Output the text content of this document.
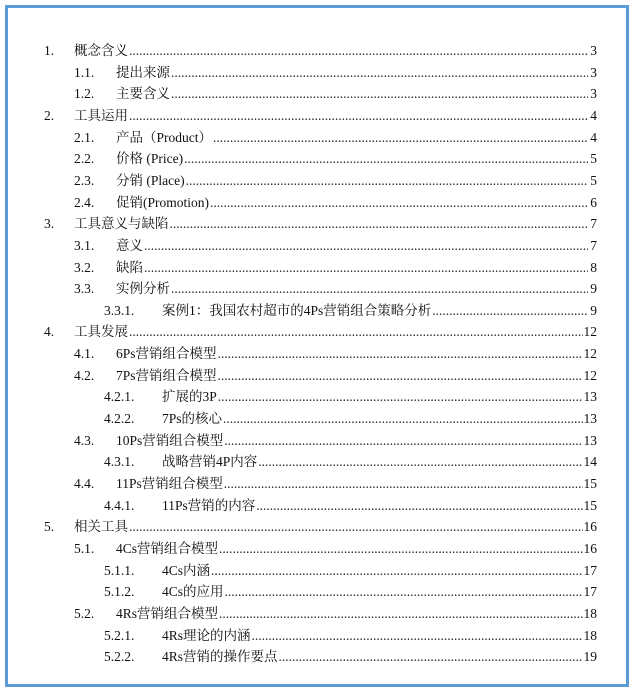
1.	概念含义 .....	3
1.1.	提出来源 .....	3
1.2.	主要含义 .....	3
2.	工具运用 .....	4
2.1.	产品（Product） .....	4
2.2.	价格 (Price) .....	5
2.3.	分销 (Place) .....	5
2.4.	促销(Promotion) .....	6
3.	工具意义与缺陷 .....	7
3.1.	意义 .....	7
3.2.	缺陷 .....	8
3.3.	实例分析 .....	9
3.3.1.	案例1：我国农村超市的4Ps营销组合策略分析 .....	9
4.	工具发展 .....	12
4.1.	6Ps营销组合模型 .....	12
4.2.	7Ps营销组合模型 .....	12
4.2.1.	扩展的3P .....	13
4.2.2.	7Ps的核心 .....	13
4.3.	10Ps营销组合模型 .....	13
4.3.1.	战略营销4P内容 .....	14
4.4.	11Ps营销组合模型 .....	15
4.4.1.	11Ps营销的内容 .....	15
5.	相关工具 .....	16
5.1.	4Cs营销组合模型 .....	16
5.1.1.	4Cs内涵 .....	17
5.1.2.	4Cs的应用 .....	17
5.2.	4Rs营销组合模型 .....	18
5.2.1.	4Rs理论的内涵 .....	18
5.2.2.	4Rs营销的操作要点 .....	19
